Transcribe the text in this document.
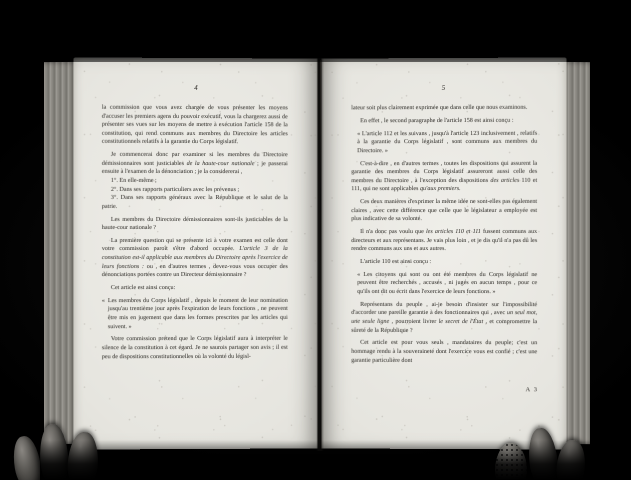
4

la commission que vous avez chargée de vous présenter les moyens d'accuser les premiers agens du pouvoir exécutif, vous la chargerez aussi de présenter ses vues sur les moyens de mettre à exécution l'article 158 de la constitution, qui rend communs aux membres du Directoire les articles constitutionnels relatifs à la garantie du Corps législatif.

Je commencerai donc par examiner si les membres du Directoire démissionnaires sont justiciables de la haute-cour nationale ; je passerai ensuite à l'examen de la dénonciation ; je la considererai ,

1°. En elle-même ;

2°. Dans ses rapports particuliers avec les prévenus ;

3°. Dans ses rapports généraux avec la République et le salut de la patrie.

Les membres du Directoire démissionnaires sont-ils justiciables de la haute-cour nationale ?

La première question qui se présente ici à votre examen est celle dont votre commission paroît s'être d'abord occupée. L'article 3 de la constitution est-il applicable aux membres du Directoire après l'exercice de leurs fonctions : ou , en d'autres termes , devez-vous vous occuper des dénonciations portées contre un Directeur démissionnaire ?

Cet article est ainsi conçu:

« Les membres du Corps législatif , depuis le moment de leur nomination jusqu'au trentième jour après l'expiration de leurs fonctions , ne peuvent être mis en jugement que dans les formes prescrites par les articles qui suivent. »

Votre commission prétend que le Corps législatif aura à interpréter le silence de la constitution à cet égard. Je ne saurois partager son avis ; il est peu de dispositions constitutionnelles où la volonté du législ-

5

lateur soit plus clairement exprimée que dans celle que nous examinons.

En effet , le second paragraphe de l'article 158 est ainsi conçu :

« L'article 112 et les suivans , jusqu'à l'article 123 inclusivement , relatifs à la garantie du Corps législatif , sont communs aux membres du Directoire. »

C'est-à-dire , en d'autres termes , toutes les dispositions qui assurent la garantie des membres du Corps législatif assureront aussi celle des membres du Directoire , à l'exception des dispositions des articles 110 et 111, qui ne sont applicables qu'aux premiers.

Ces deux manières d'exprimer la même idée ne sont-elles pas également claires , avec cette différence que celle que le législateur a employée est plus indicative de sa volonté.

Il n'a donc pas voulu que les articles 110 et 111 fussent communs aux directeurs et aux représentans. Je vais plus loin , et je dis qu'il n'a pas dû les rendre communs aux uns et aux autres.

L'article 110 est ainsi conçu :

« Les citoyens qui sont ou ont été membres du Corps législatif ne peuvent être recherchés , accusés , ni jugés en aucun temps , pour ce qu'ils ont dit ou écrit dans l'exercice de leurs fonctions. »

Représentans du peuple , ai-je besoin d'insister sur l'impossibilité d'accorder une pareille garantie à des fonctionnaires qui , avec un seul mot, une seule ligne , pourroient livrer le secret de l'État , et compromettre la sûreté de la République ?

Cet article est pour vous seuls , mandataires du peuple; c'est un hommage rendu à la souveraineté dont l'exercice vous est confié ; c'est une garantie particulière dont

A 3
